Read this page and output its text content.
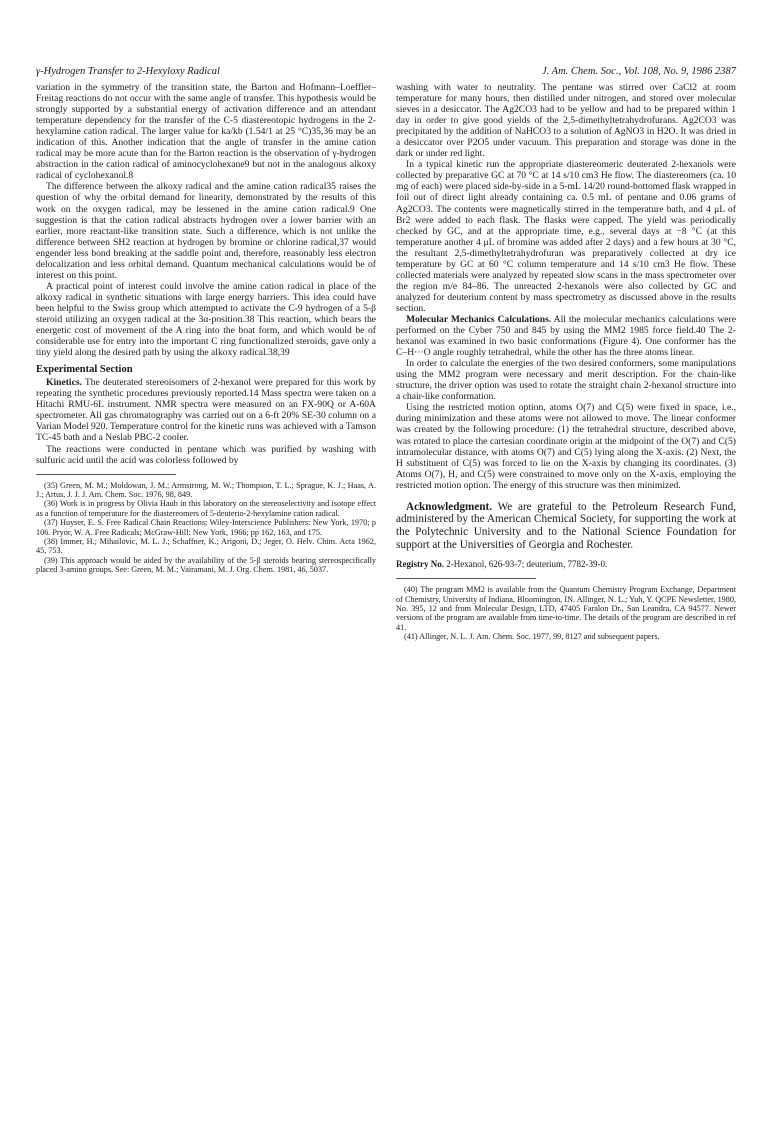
γ-Hydrogen Transfer to 2-Hexyloxy Radical	J. Am. Chem. Soc., Vol. 108, No. 9, 1986 2387

variation in the symmetry of the transition state, the Barton and Hofmann–Loeffler–Freitag reactions do not occur with the same angle of transfer. This hypothesis would be strongly supported by a substantial energy of activation difference and an attendant temperature dependency for the transfer of the C-5 diastereotopic hydrogens in the 2-hexylamine cation radical. The larger value for ka/kb (1.54/1 at 25 °C)35,36 may be an indication of this. Another indication that the angle of transfer in the amine cation radical may be more acute than for the Barton reaction is the observation of γ-hydrogen abstraction in the cation radical of aminocyclohexane9 but not in the analogous alkoxy radical of cyclohexanol.8

The difference between the alkoxy radical and the amine cation radical35 raises the question of why the orbital demand for linearity, demonstrated by the results of this work on the oxygen radical, may be lessened in the amine cation radical.9 One suggestion is that the cation radical abstracts hydrogen over a lower barrier with an earlier, more reactant-like transition state. Such a difference, which is not unlike the difference between SH2 reaction at hydrogen by bromine or chlorine radical,37 would engender less bond breaking at the saddle point and, therefore, reasonably less electron delocalization and less orbital demand. Quantum mechanical calculations would be of interest on this point.

A practical point of interest could involve the amine cation radical in place of the alkoxy radical in synthetic situations with large energy barriers. This idea could have been helpful to the Swiss group which attempted to activate the C-9 hydrogen of a 5-β steroid utilizing an oxygen radical at the 3α-position.38 This reaction, which bears the energetic cost of movement of the A ring into the boat form, and which would be of considerable use for entry into the important C ring functionalized steroids, gave only a tiny yield along the desired path by using the alkoxy radical.38,39

Experimental Section

Kinetics. The deuterated stereoisomers of 2-hexanol were prepared for this work by repeating the synthetic procedures previously reported.14 Mass spectra were taken on a Hitachi RMU-6L instrument. NMR spectra were measured on an FX-90Q or A-60A spectrometer. All gas chromatography was carried out on a 6-ft 20% SE-30 column on a Varian Model 920. Temperature control for the kinetic runs was achieved with a Tamson TC-45 bath and a Neslab PBC-2 cooler.

The reactions were conducted in pentane which was purified by washing with sulfuric acid until the acid was colorless followed by

(35) Green, M. M.; Moldowan, J. M.; Armstrong, M. W.; Thompson, T. L.; Sprague, K. J.; Haas, A. J.; Artus, J. J. J. Am. Chem. Soc. 1976, 98, 849.

(36) Work is in progress by Olivia Haub in this laboratory on the stereoselectivity and isotope effect as a function of temperature for the diastereomers of 5-deuterio-2-hexylamine cation radical.

(37) Huyser, E. S. Free Radical Chain Reactions; Wiley-Interscience Publishers: New York, 1970; p 106. Pryor, W. A. Free Radicals; McGraw-Hill: New York, 1966; pp 162, 163, and 175.

(38) Immer, H.; Mihailovic, M. L. J.; Schaffner, K.; Arigoni, D.; Jeger, O. Helv. Chim. Acta 1962, 45, 753.

(39) This approach would be aided by the availability of the 5-β steroids bearing stereospecifically placed 3-amino groups. See: Green, M. M.; Vairamani, M. J. Org. Chem. 1981, 46, 5037.

washing with water to neutrality. The pentane was stirred over CaCl2 at room temperature for many hours, then distilled under nitrogen, and stored over molecular sieves in a desiccator. The Ag2CO3 had to be yellow and had to be prepared within 1 day in order to give good yields of the 2,5-dimethyltetrahydrofurans. Ag2CO3 was precipitated by the addition of NaHCO3 to a solution of AgNO3 in H2O. It was dried in a desiccator over P2O5 under vacuum. This preparation and storage was done in the dark or under red light.

In a typical kinetic run the appropriate diastereomeric deuterated 2-hexanols were collected by preparative GC at 70 °C at 14 s/10 cm3 He flow. The diastereomers (ca. 10 mg of each) were placed side-by-side in a 5-mL 14/20 round-bottomed flask wrapped in foil out of direct light already containing ca. 0.5 mL of pentane and 0.06 grams of Ag2CO3. The contents were magnetically stirred in the temperature bath, and 4 μL of Br2 were added to each flask. The flasks were capped. The yield was periodically checked by GC, and at the appropriate time, e.g., several days at −8 °C (at this temperature another 4 μL of bromine was added after 2 days) and a few hours at 30 °C, the resultant 2,5-dimethyltetrahydrofuran was preparatively collected at dry ice temperature by GC at 60 °C column temperature and 14 s/10 cm3 He flow. These collected materials were analyzed by repeated slow scans in the mass spectrometer over the region m/e 84–86. The unreacted 2-hexanols were also collected by GC and analyzed for deuterium content by mass spectrometry as discussed above in the results section.

Molecular Mechanics Calculations. All the molecular mechanics calculations were performed on the Cyber 750 and 845 by using the MM2 1985 force field.40 The 2-hexanol was examined in two basic conformations (Figure 4). One conformer has the C–H···O angle roughly tetrahedral, while the other has the three atoms linear.

In order to calculate the energies of the two desired conformers, some manipulations using the MM2 program were necessary and merit description. For the chain-like structure, the driver option was used to rotate the straight chain 2-hexanol structure into a chair-like conformation.

Using the restricted motion option, atoms O(7) and C(5) were fixed in space, i.e., during minimization and these atoms were not allowed to move. The linear conformer was created by the following procedure: (1) the tetrahedral structure, described above, was rotated to place the cartesian coordinate origin at the midpoint of the O(7) and C(5) intramolecular distance, with atoms O(7) and C(5) lying along the X-axis. (2) Next, the H substituent of C(5) was forced to lie on the X-axis by changing its coordinates. (3) Atoms O(7), H, and C(5) were constrained to move only on the X-axis, employing the restricted motion option. The energy of this structure was then minimized.

Acknowledgment. We are grateful to the Petroleum Research Fund, administered by the American Chemical Society, for supporting the work at the Polytechnic University and to the National Science Foundation for support at the Universities of Georgia and Rochester.

Registry No. 2-Hexanol, 626-93-7; deuterium, 7782-39-0.

(40) The program MM2 is available from the Quantum Chemistry Program Exchange, Department of Chemistry, University of Indiana, Bloomington, IN. Allinger, N. L.; Yuh, Y. QCPE Newsletter, 1980, No. 395, 12 and from Molecular Design, LTD, 47405 Faralon Dr., San Leandra, CA 94577. Newer versions of the program are available from time-to-time. The details of the program are described in ref 41.

(41) Allinger, N. L. J. Am. Chem. Soc. 1977, 99, 8127 and subsequent papers.
